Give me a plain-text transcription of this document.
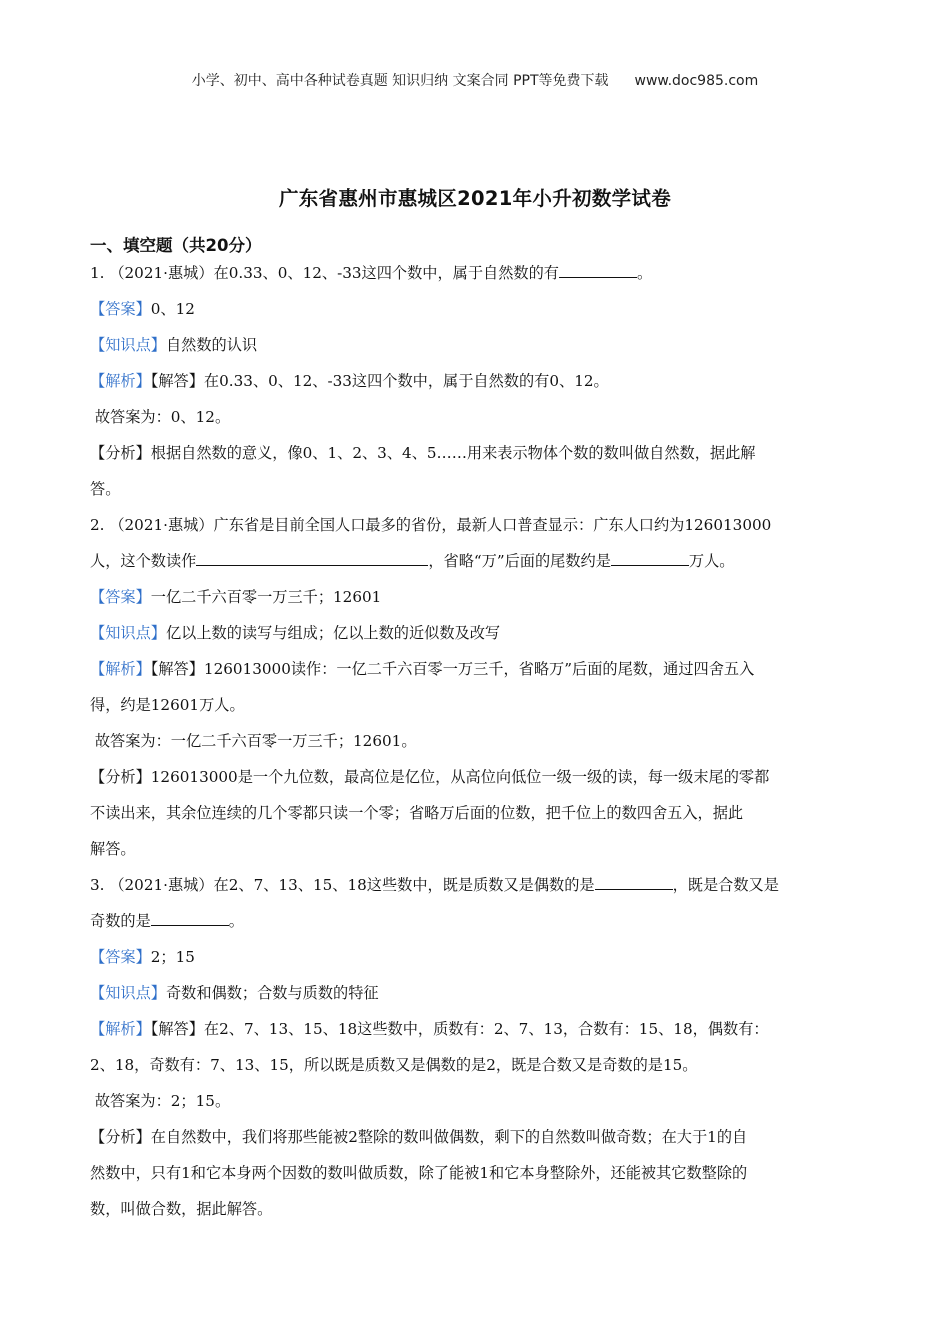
小学、初中、高中各种试卷真题 知识归纳 文案合同 PPT等免费下载 www.doc985.com
广东省惠州市惠城区2021年小升初数学试卷
一、填空题（共20分）
1. （2021·惠城）在0.33、0、12、-33这四个数中，属于自然数的有	。
【答案】0、12
【知识点】自然数的认识
【解析】【解答】在0.33、0、12、-33这四个数中，属于自然数的有0、12。
故答案为：0、12。
【分析】根据自然数的意义，像0、1、2、3、4、5……用来表示物体个数的数叫做自然数，据此解
答。
2. （2021·惠城）广东省是目前全国人口最多的省份，最新人口普查显示：广东人口约为126013000
人，这个数读作	，省略“万”后面的尾数约是	万人。
【答案】一亿二千六百零一万三千；12601
【知识点】亿以上数的读写与组成；亿以上数的近似数及改写
【解析】【解答】126013000读作：一亿二千六百零一万三千，省略万”后面的尾数，通过四舍五入
得，约是12601万人。
故答案为：一亿二千六百零一万三千；12601。
【分析】126013000是一个九位数，最高位是亿位，从高位向低位一级一级的读，每一级末尾的零都
不读出来，其余位连续的几个零都只读一个零；省略万后面的位数，把千位上的数四舍五入，据此
解答。
3. （2021·惠城）在2、7、13、15、18这些数中，既是质数又是偶数的是	，既是合数又是
奇数的是	。
【答案】2；15
【知识点】奇数和偶数；合数与质数的特征
【解析】【解答】在2、7、13、15、18这些数中，质数有：2、7、13，合数有：15、18，偶数有：
2、18，奇数有：7、13、15，所以既是质数又是偶数的是2，既是合数又是奇数的是15。
故答案为：2；15。
【分析】在自然数中，我们将那些能被2整除的数叫做偶数，剩下的自然数叫做奇数；在大于1的自
然数中，只有1和它本身两个因数的数叫做质数，除了能被1和它本身整除外，还能被其它数整除的
数，叫做合数，据此解答。
